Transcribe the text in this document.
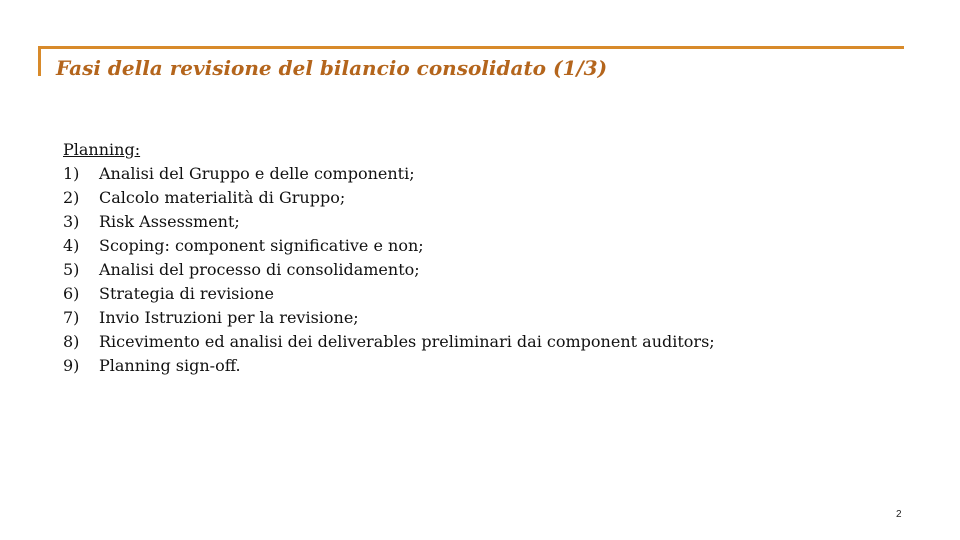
Fasi della revisione del bilancio consolidato (1/3)
Planning:
1) Analisi del Gruppo e delle componenti;
2) Calcolo materialità di Gruppo;
3) Risk Assessment;
4) Scoping: component significative e non;
5) Analisi del processo di consolidamento;
6) Strategia di revisione
7) Invio Istruzioni per la revisione;
8) Ricevimento ed analisi dei deliverables preliminari dai component auditors;
9) Planning sign-off.
2
